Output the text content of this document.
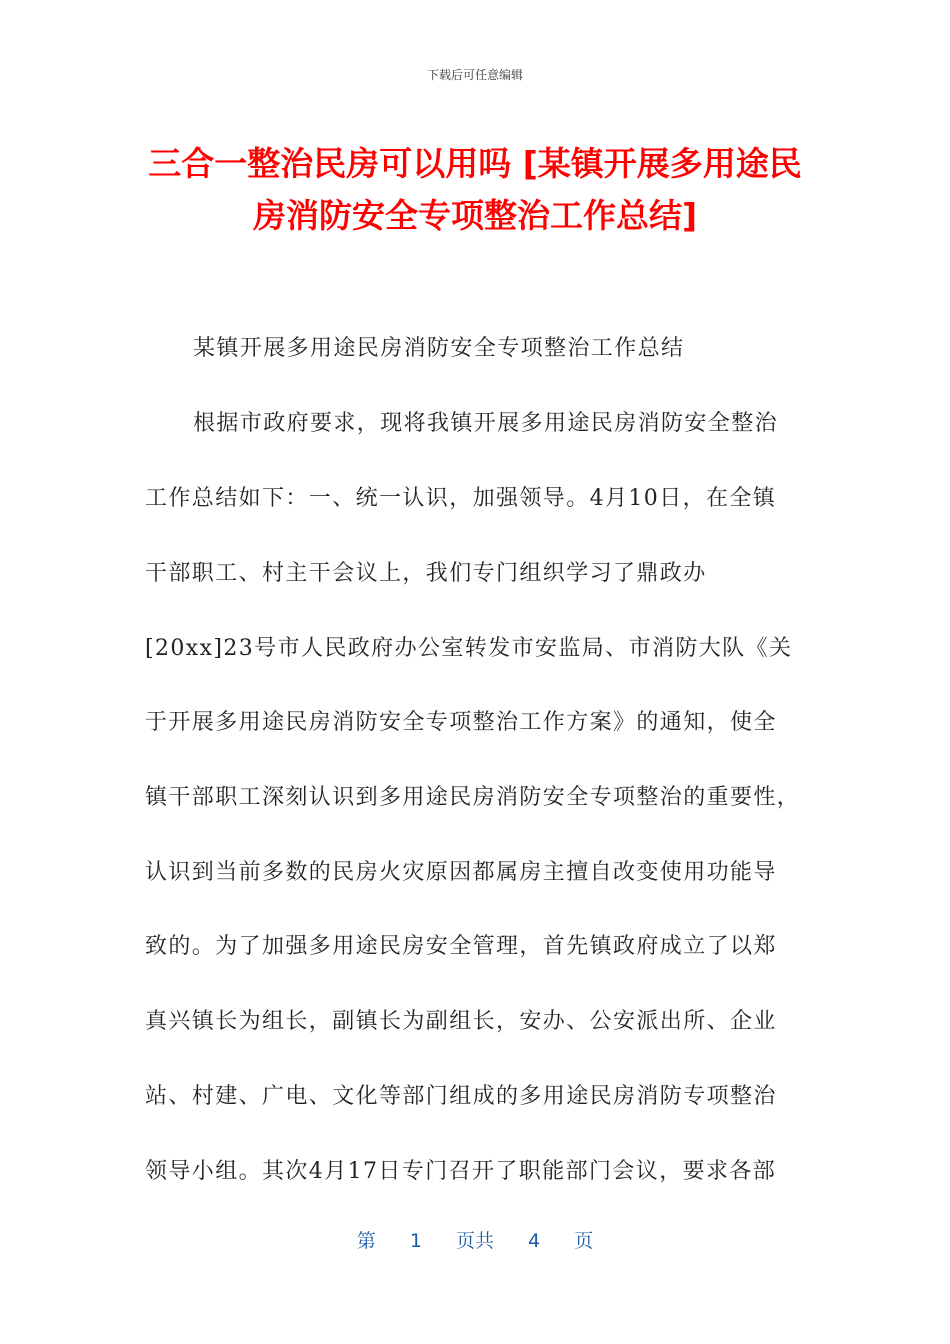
下载后可任意编辑
三合一整治民房可以用吗 [某镇开展多用途民
房消防安全专项整治工作总结]
某镇开展多用途民房消防安全专项整治工作总结
根据市政府要求，现将我镇开展多用途民房消防安全整治
工作总结如下：一、统一认识，加强领导。4月10日，在全镇
干部职工、村主干会议上，我们专门组织学习了鼎政办
[20xx]23号市人民政府办公室转发市安监局、市消防大队《关
于开展多用途民房消防安全专项整治工作方案》的通知，使全
镇干部职工深刻认识到多用途民房消防安全专项整治的重要性，
认识到当前多数的民房火灾原因都属房主擅自改变使用功能导
致的。为了加强多用途民房安全管理，首先镇政府成立了以郑
真兴镇长为组长，副镇长为副组长，安办、公安派出所、企业
站、村建、广电、文化等部门组成的多用途民房消防专项整治
领导小组。其次4月17日专门召开了职能部门会议，要求各部
第 1 页共 4 页
